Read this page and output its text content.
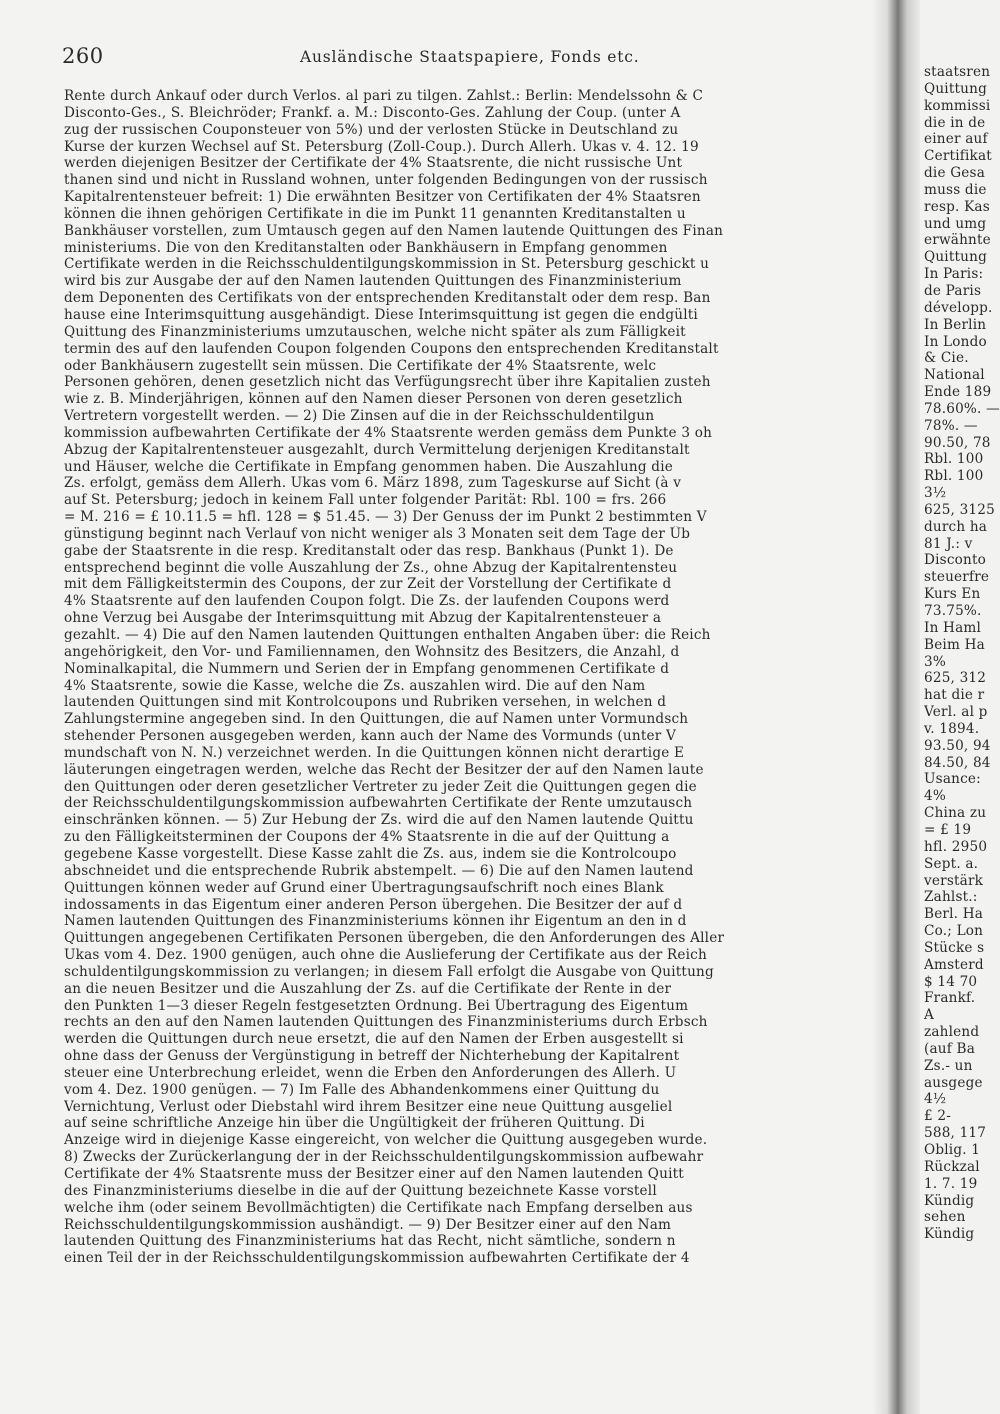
260	Ausländische Staatspapiere, Fonds etc.
Rente durch Ankauf oder durch Verlos. al pari zu tilgen. Zahlst.: Berlin: Mendelssohn & C
Disconto-Ges., S. Bleichröder; Frankf. a. M.: Disconto-Ges. Zahlung der Coup. (unter A
zug der russischen Couponsteuer von 5%) und der verlosten Stücke in Deutschland zu
Kurse der kurzen Wechsel auf St. Petersburg (Zoll-Coup.). Durch Allerh. Ukas v. 4. 12. 19
werden diejenigen Besitzer der Certifikate der 4% Staatsrente, die nicht russische Unt
thanen sind und nicht in Russland wohnen, unter folgenden Bedingungen von der russisch
Kapitalrentensteuer befreit: 1) Die erwähnten Besitzer von Certifikaten der 4% Staatsren
können die ihnen gehörigen Certifikate in die im Punkt 11 genannten Kreditanstalten u
Bankhäuser vorstellen, zum Umtausch gegen auf den Namen lautende Quittungen des Finan
ministeriums. Die von den Kreditanstalten oder Bankhäusern in Empfang genommen
Certifikate werden in die Reichsschuldentilgungskommission in St. Petersburg geschickt u
wird bis zur Ausgabe der auf den Namen lautenden Quittungen des Finanzministerium
dem Deponenten des Certifikats von der entsprechenden Kreditanstalt oder dem resp. Ban
hause eine Interimsquittung ausgehändigt. Diese Interimsquittung ist gegen die endgülti
Quittung des Finanzministeriums umzutauschen, welche nicht später als zum Fälligkeit
termin des auf den laufenden Coupon folgenden Coupons den entsprechenden Kreditanstalt
oder Bankhäusern zugestellt sein müssen. Die Certifikate der 4% Staatsrente, welc
Personen gehören, denen gesetzlich nicht das Verfügungsrecht über ihre Kapitalien zusteh
wie z. B. Minderjährigen, können auf den Namen dieser Personen von deren gesetzlich
Vertretern vorgestellt werden. — 2) Die Zinsen auf die in der Reichsschuldentilgun
kommission aufbewahrten Certifikate der 4% Staatsrente werden gemäss dem Punkte 3 oh
Abzug der Kapitalrentensteuer ausgezahlt, durch Vermittelung derjenigen Kreditanstalt
und Häuser, welche die Certifikate in Empfang genommen haben. Die Auszahlung die
Zs. erfolgt, gemäss dem Allerh. Ukas vom 6. März 1898, zum Tageskurse auf Sicht (à v
auf St. Petersburg; jedoch in keinem Fall unter folgender Parität: Rbl. 100 = frs. 266
= M. 216 = £ 10.11.5 = hfl. 128 = $ 51.45. — 3) Der Genuss der im Punkt 2 bestimmten V
günstigung beginnt nach Verlauf von nicht weniger als 3 Monaten seit dem Tage der Üb
gabe der Staatsrente in die resp. Kreditanstalt oder das resp. Bankhaus (Punkt 1). De
entsprechend beginnt die volle Auszahlung der Zs., ohne Abzug der Kapitalrentensteu
mit dem Fälligkeitstermin des Coupons, der zur Zeit der Vorstellung der Certifikate d
4% Staatsrente auf den laufenden Coupon folgt. Die Zs. der laufenden Coupons werd
ohne Verzug bei Ausgabe der Interimsquittung mit Abzug der Kapitalrentensteuer a
gezahlt. — 4) Die auf den Namen lautenden Quittungen enthalten Angaben über: die Reich
angehörigkeit, den Vor- und Familiennamen, den Wohnsitz des Besitzers, die Anzahl, d
Nominalkapital, die Nummern und Serien der in Empfang genommenen Certifikate d
4% Staatsrente, sowie die Kasse, welche die Zs. auszahlen wird. Die auf den Nam
lautenden Quittungen sind mit Kontrolcoupons und Rubriken versehen, in welchen d
Zahlungstermine angegeben sind. In den Quittungen, die auf Namen unter Vormundsch
stehender Personen ausgegeben werden, kann auch der Name des Vormunds (unter V
mundschaft von N. N.) verzeichnet werden. In die Quittungen können nicht derartige E
läuterungen eingetragen werden, welche das Recht der Besitzer der auf den Namen laute
den Quittungen oder deren gesetzlicher Vertreter zu jeder Zeit die Quittungen gegen die
der Reichsschuldentilgungskommission aufbewahrten Certifikate der Rente umzutausch
einschränken können. — 5) Zur Hebung der Zs. wird die auf den Namen lautende Quittu
zu den Fälligkeitsterminen der Coupons der 4% Staatsrente in die auf der Quittung a
gegebene Kasse vorgestellt. Diese Kasse zahlt die Zs. aus, indem sie die Kontrolcoupo
abschneidet und die entsprechende Rubrik abstempelt. — 6) Die auf den Namen lautend
Quittungen können weder auf Grund einer Übertragungsaufschrift noch eines Blank
indossaments in das Eigentum einer anderen Person übergehen. Die Besitzer der auf d
Namen lautenden Quittungen des Finanzministeriums können ihr Eigentum an den in d
Quittungen angegebenen Certifikaten Personen übergeben, die den Anforderungen des Aller
Ukas vom 4. Dez. 1900 genügen, auch ohne die Auslieferung der Certifikate aus der Reich
schuldentilgungskommission zu verlangen; in diesem Fall erfolgt die Ausgabe von Quittung
an die neuen Besitzer und die Auszahlung der Zs. auf die Certifikate der Rente in der
den Punkten 1—3 dieser Regeln festgesetzten Ordnung. Bei Übertragung des Eigentum
rechts an den auf den Namen lautenden Quittungen des Finanzministeriums durch Erbsch
werden die Quittungen durch neue ersetzt, die auf den Namen der Erben ausgestellt si
ohne dass der Genuss der Vergünstigung in betreff der Nichterhebung der Kapitalrent
steuer eine Unterbrechung erleidet, wenn die Erben den Anforderungen des Allerh. U
vom 4. Dez. 1900 genügen. — 7) Im Falle des Abhandenkommens einer Quittung du
Vernichtung, Verlust oder Diebstahl wird ihrem Besitzer eine neue Quittung ausgeliel
auf seine schriftliche Anzeige hin über die Ungültigkeit der früheren Quittung. Di
Anzeige wird in diejenige Kasse eingereicht, von welcher die Quittung ausgegeben wurde.
8) Zwecks der Zurückerlangung der in der Reichsschuldentilgungskommission aufbewahr
Certifikate der 4% Staatsrente muss der Besitzer einer auf den Namen lautenden Quitt
des Finanzministeriums dieselbe in die auf der Quittung bezeichnete Kasse vorstell
welche ihm (oder seinem Bevollmächtigten) die Certifikate nach Empfang derselben aus
Reichsschuldentilgungskommission aushändigt. — 9) Der Besitzer einer auf den Nam
lautenden Quittung des Finanzministeriums hat das Recht, nicht sämtliche, sondern n
einen Teil der in der Reichsschuldentilgungskommission aufbewahrten Certifikate der 4
staatsren
Quittung
kommissi
die in de
einer auf
Certifikat
die Gesa
muss die
resp. Kas
und umg
erwähnte
Quittung
In Paris:
de Paris
développ.
In Berlin
In Londo
& Cie.
National
Ende 189
78.60%. —
78%. —
90.50, 78
Rbl. 100
Rbl. 100
3½
625, 3125
durch ha
81 J.: v
Disconto
steuerfre
Kurs En
73.75%.
In Haml
Beim Ha
3%
625, 312
hat die r
Verl. al p
v. 1894.
93.50, 94
84.50, 84
Usance:
4%
China zu
= £ 19
hfl. 2950
Sept. a.
verstärk
Zahlst.:
Berl. Ha
Co.; Lon
Stücke s
Amsterd
$ 14 70
Frankf.
A
zahlend
(auf Ba
Zs.- un
ausgege
4½
£ 2-
588, 117
Oblig. 1
Rückzal
1. 7. 19
Kündig
sehen
Kündig
